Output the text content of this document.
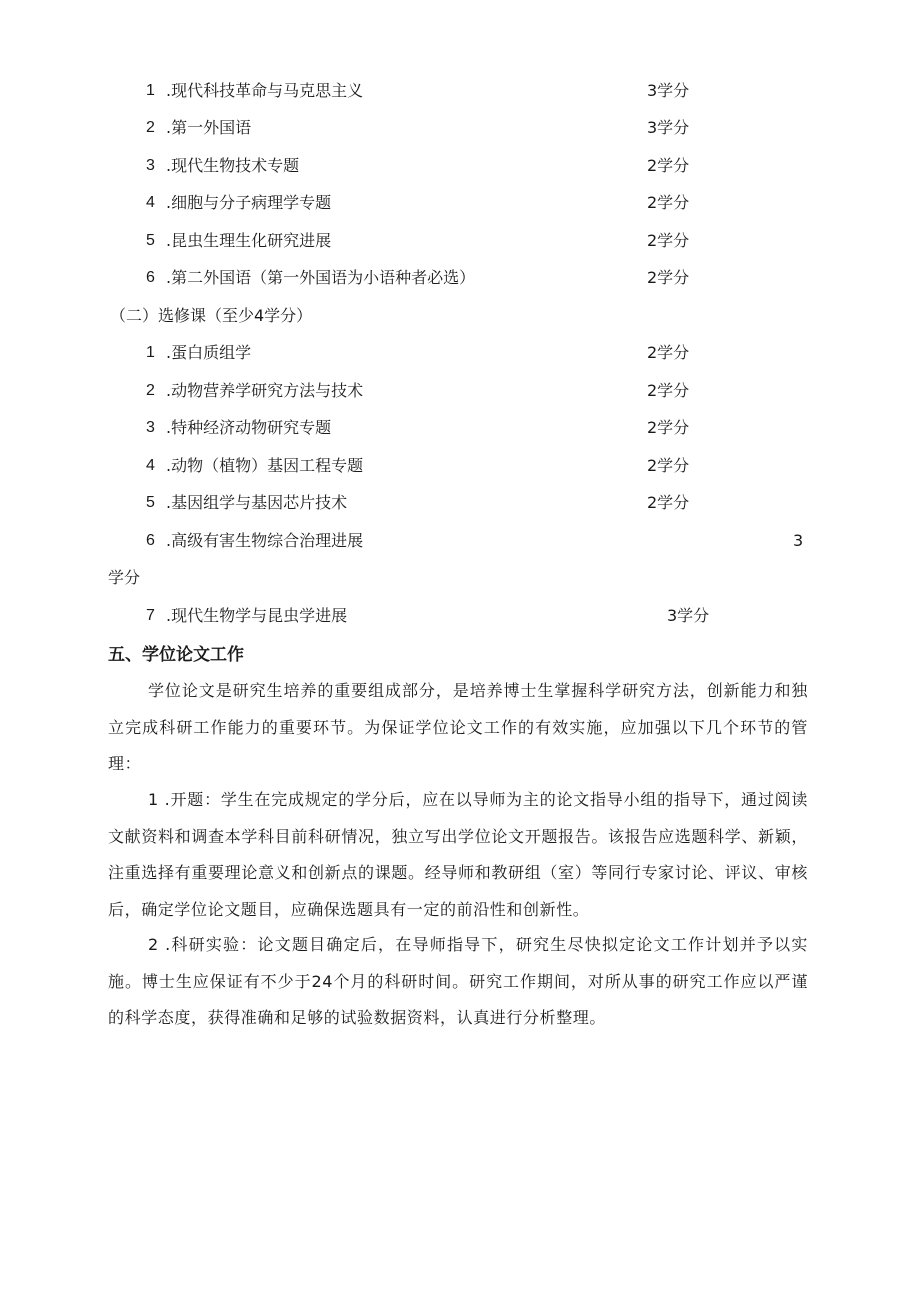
1 .现代科技革命与马克思主义	3学分
2 .第一外国语	3学分
3 .现代生物技术专题	2学分
4 .细胞与分子病理学专题	2学分
5 .昆虫生理生化研究进展	2学分
6 .第二外国语（第一外国语为小语种者必选）	2学分
（二）选修课（至少4学分）
1 .蛋白质组学	2学分
2 .动物营养学研究方法与技术	2学分
3 .特种经济动物研究专题	2学分
4 .动物（植物）基因工程专题	2学分
5 .基因组学与基因芯片技术	2学分
6 .高级有害生物综合治理进展	3
学分
7 .现代生物学与昆虫学进展	3学分
五、学位论文工作
学位论文是研究生培养的重要组成部分，是培养博士生掌握科学研究方法，创新能力和独立完成科研工作能力的重要环节。为保证学位论文工作的有效实施，应加强以下几个环节的管理：
1 .开题：学生在完成规定的学分后，应在以导师为主的论文指导小组的指导下，通过阅读文献资料和调查本学科目前科研情况，独立写出学位论文开题报告。该报告应选题科学、新颖，注重选择有重要理论意义和创新点的课题。经导师和教研组（室）等同行专家讨论、评议、审核后，确定学位论文题目，应确保选题具有一定的前沿性和创新性。
2 .科研实验：论文题目确定后，在导师指导下，研究生尽快拟定论文工作计划并予以实施。博士生应保证有不少于24个月的科研时间。研究工作期间，对所从事的研究工作应以严谨的科学态度，获得准确和足够的试验数据资料，认真进行分析整理。
